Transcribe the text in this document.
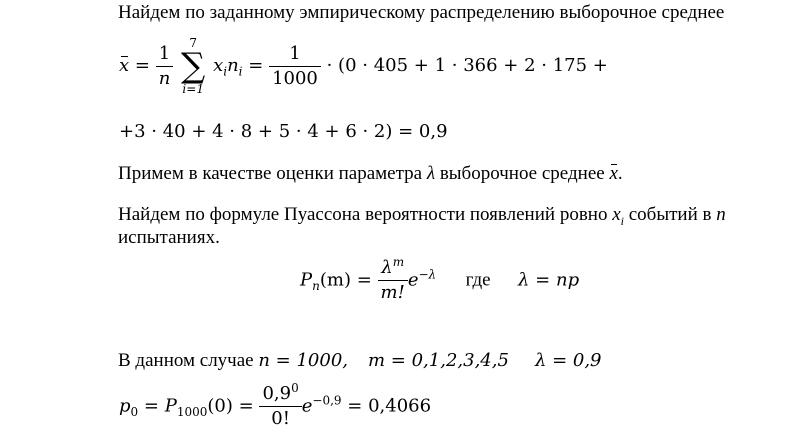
Найдем по заданному эмпирическому распределению выборочное среднее
$x = \frac{1}{n}$

7
∑
i=1
$x_in_i = \frac{1}{1000} \cdot (0 \cdot 405 + 1 \cdot 366 + 2 \cdot 175$ +
+3 · 40 + 4 · 8 + 5 · 4 + 6 · 2) = 0,9
Примем в качестве оценки параметра λ выборочное среднее x.
Найдем по формуле Пуассона вероятности появлений ровно $x_i$ событий в n
испытаниях.
$P_n(m) = \frac{\lambda^m}{m!} e^{-\lambda}$ где λ = np
В данном случае n = 1000, m = 0,1,2,3,4,5 λ = 0,9
$p_0 = P_{1000}(0) = \frac{0,9^0}{0!} e^{-0,9} = 0,4066$
